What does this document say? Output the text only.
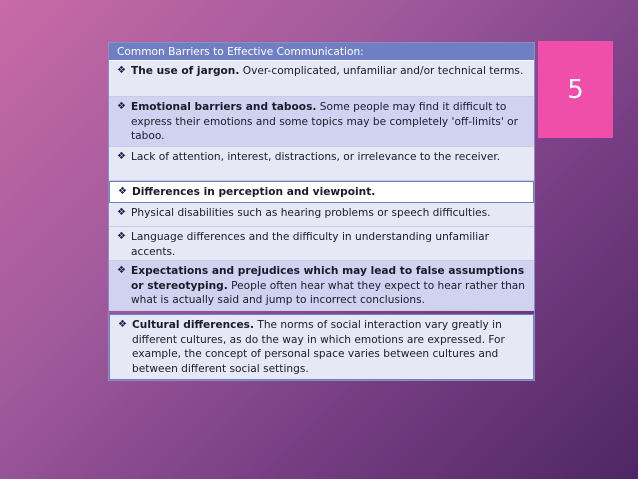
5
Common Barriers to Effective Communication:
❖ The use of jargon. Over-complicated, unfamiliar and/or technical terms.
❖ Emotional barriers and taboos. Some people may find it difficult to express their emotions and some topics may be completely 'off-limits' or taboo.
❖ Lack of attention, interest, distractions, or irrelevance to the receiver.
❖ Differences in perception and viewpoint.
❖ Physical disabilities such as hearing problems or speech difficulties.
❖ Language differences and the difficulty in understanding unfamiliar accents.
❖ Expectations and prejudices which may lead to false assumptions or stereotyping. People often hear what they expect to hear rather than what is actually said and jump to incorrect conclusions.
❖ Cultural differences. The norms of social interaction vary greatly in different cultures, as do the way in which emotions are expressed. For example, the concept of personal space varies between cultures and between different social settings.
